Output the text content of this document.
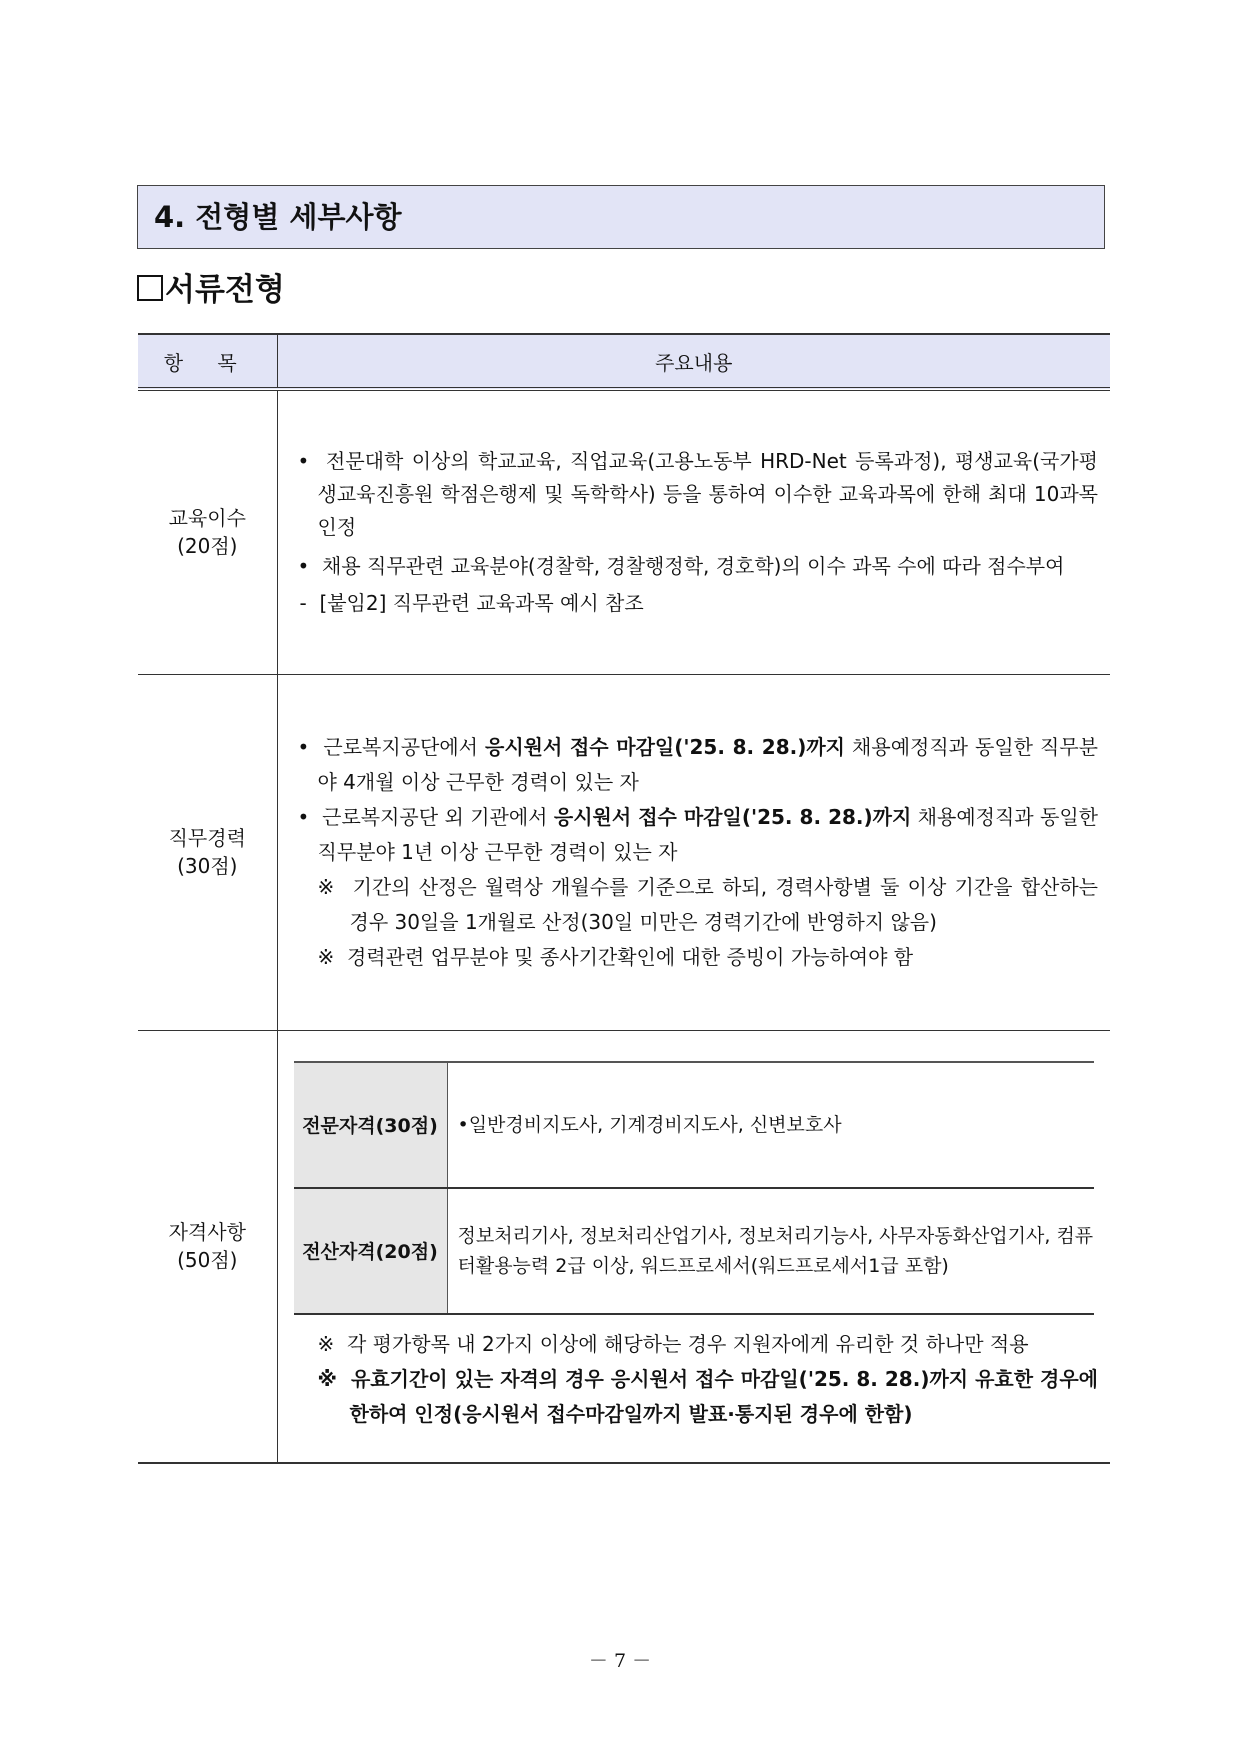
4. 전형별 세부사항
서류전형
항 목	주요내용

교육이수
(20점)

•  전문대학 이상의 학교교육, 직업교육(고용노동부 HRD-Net 등록과정), 평생교육(국가평생교육진흥원 학점은행제 및 독학학사) 등을 통하여 이수한 교육과목에 한해 최대 10과목 인정
•  채용 직무관련 교육분야(경찰학, 경찰행정학, 경호학)의 이수 과목 수에 따라 점수부여
-  [붙임2] 직무관련 교육과목 예시 참조

직무경력
(30점)

•  근로복지공단에서 응시원서 접수 마감일('25. 8. 28.)까지 채용예정직과 동일한 직무분야 4개월 이상 근무한 경력이 있는 자
•  근로복지공단 외 기관에서 응시원서 접수 마감일('25. 8. 28.)까지 채용예정직과 동일한 직무분야 1년 이상 근무한 경력이 있는 자
※  기간의 산정은 월력상 개월수를 기준으로 하되, 경력사항별 둘 이상 기간을 합산하는 경우 30일을 1개월로 산정(30일 미만은 경력기간에 반영하지 않음)
※  경력관련 업무분야 및 종사기간확인에 대한 증빙이 가능하여야 함

자격사항
(50점)

전문자격(30점)	•일반경비지도사, 기계경비지도사, 신변보호사
전산자격(20점)	정보처리기사, 정보처리산업기사, 정보처리기능사, 사무자동화산업기사, 컴퓨터활용능력 2급 이상, 워드프로세서(워드프로세서1급 포함)
※  각 평가항목 내 2가지 이상에 해당하는 경우 지원자에게 유리한 것 하나만 적용
※  유효기간이 있는 자격의 경우 응시원서 접수 마감일('25. 8. 28.)까지 유효한 경우에 한하여 인정(응시원서 접수마감일까지 발표·통지된 경우에 한함)
－ 7 －
